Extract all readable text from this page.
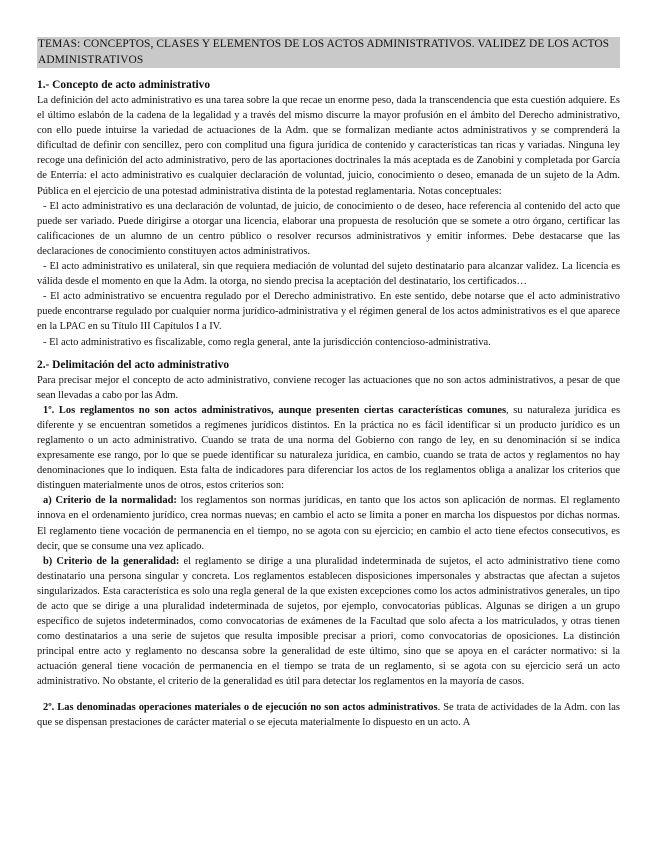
TEMAS: CONCEPTOS, CLASES Y ELEMENTOS DE LOS ACTOS ADMINISTRATIVOS. VALIDEZ DE LOS ACTOS ADMINISTRATIVOS

1.- Concepto de acto administrativo

La definición del acto administrativo es una tarea sobre la que recae un enorme peso, dada la transcendencia que esta cuestión adquiere. Es el último eslabón de la cadena de la legalidad y a través del mismo discurre la mayor profusión en el ámbito del Derecho administrativo, con ello puede intuirse la variedad de actuaciones de la Adm. que se formalizan mediante actos administrativos y se comprenderá la dificultad de definir con sencillez, pero con complitud una figura jurídica de contenido y características tan ricas y variadas. Ninguna ley recoge una definición del acto administrativo, pero de las aportaciones doctrinales la más aceptada es de Zanobini y completada por García de Enterría: el acto administrativo es cualquier declaración de voluntad, juicio, conocimiento o deseo, emanada de un sujeto de la Adm. Pública en el ejercicio de una potestad administrativa distinta de la potestad reglamentaria. Notas conceptuales:

- El acto administrativo es una declaración de voluntad, de juicio, de conocimiento o de deseo, hace referencia al contenido del acto que puede ser variado. Puede dirigirse a otorgar una licencia, elaborar una propuesta de resolución que se somete a otro órgano, certificar las calificaciones de un alumno de un centro público o resolver recursos administrativos y emitir informes. Debe destacarse que las declaraciones de conocimiento constituyen actos administrativos.

- El acto administrativo es unilateral, sin que requiera mediación de voluntad del sujeto destinatario para alcanzar validez. La licencia es válida desde el momento en que la Adm. la otorga, no siendo precisa la aceptación del destinatario, los certificados…

- El acto administrativo se encuentra regulado por el Derecho administrativo. En este sentido, debe notarse que el acto administrativo puede encontrarse regulado por cualquier norma jurídico-administrativa y el régimen general de los actos administrativos es el que aparece en la LPAC en su Título III Capítulos I a IV.

- El acto administrativo es fiscalizable, como regla general, ante la jurisdicción contencioso-administrativa.

2.- Delimitación del acto administrativo

Para precisar mejor el concepto de acto administrativo, conviene recoger las actuaciones que no son actos administrativos, a pesar de que sean llevadas a cabo por las Adm.

1º. Los reglamentos no son actos administrativos, aunque presenten ciertas características comunes, su naturaleza jurídica es diferente y se encuentran sometidos a regímenes jurídicos distintos. En la práctica no es fácil identificar si un producto jurídico es un reglamento o un acto administrativo. Cuando se trata de una norma del Gobierno con rango de ley, en su denominación sí se indica expresamente ese rango, por lo que se puede identificar su naturaleza jurídica, en cambio, cuando se trata de actos y reglamentos no hay denominaciones que lo indiquen. Esta falta de indicadores para diferenciar los actos de los reglamentos obliga a analizar los criterios que distinguen materialmente unos de otros, estos criterios son:

a) Criterio de la normalidad: los reglamentos son normas jurídicas, en tanto que los actos son aplicación de normas. El reglamento innova en el ordenamiento jurídico, crea normas nuevas; en cambio el acto se limita a poner en marcha los dispuestos por dichas normas. El reglamento tiene vocación de permanencia en el tiempo, no se agota con su ejercicio; en cambio el acto tiene efectos consecutivos, es decir, que se consume una vez aplicado.

b) Criterio de la generalidad: el reglamento se dirige a una pluralidad indeterminada de sujetos, el acto administrativo tiene como destinatario una persona singular y concreta. Los reglamentos establecen disposiciones impersonales y abstractas que afectan a sujetos singularizados. Esta característica es solo una regla general de la que existen excepciones como los actos administrativos generales, un tipo de acto que se dirige a una pluralidad indeterminada de sujetos, por ejemplo, convocatorias públicas. Algunas se dirigen a un grupo específico de sujetos indeterminados, como convocatorias de exámenes de la Facultad que solo afecta a los matriculados, y otras tienen como destinatarios a una serie de sujetos que resulta imposible precisar a priori, como convocatorias de oposiciones. La distinción principal entre acto y reglamento no descansa sobre la generalidad de este último, sino que se apoya en el carácter normativo: si la actuación general tiene vocación de permanencia en el tiempo se trata de un reglamento, si se agota con su ejercicio será un acto administrativo. No obstante, el criterio de la generalidad es útil para detectar los reglamentos en la mayoría de casos.

2º. Las denominadas operaciones materiales o de ejecución no son actos administrativos. Se trata de actividades de la Adm. con las que se dispensan prestaciones de carácter material o se ejecuta materialmente lo dispuesto en un acto. A
